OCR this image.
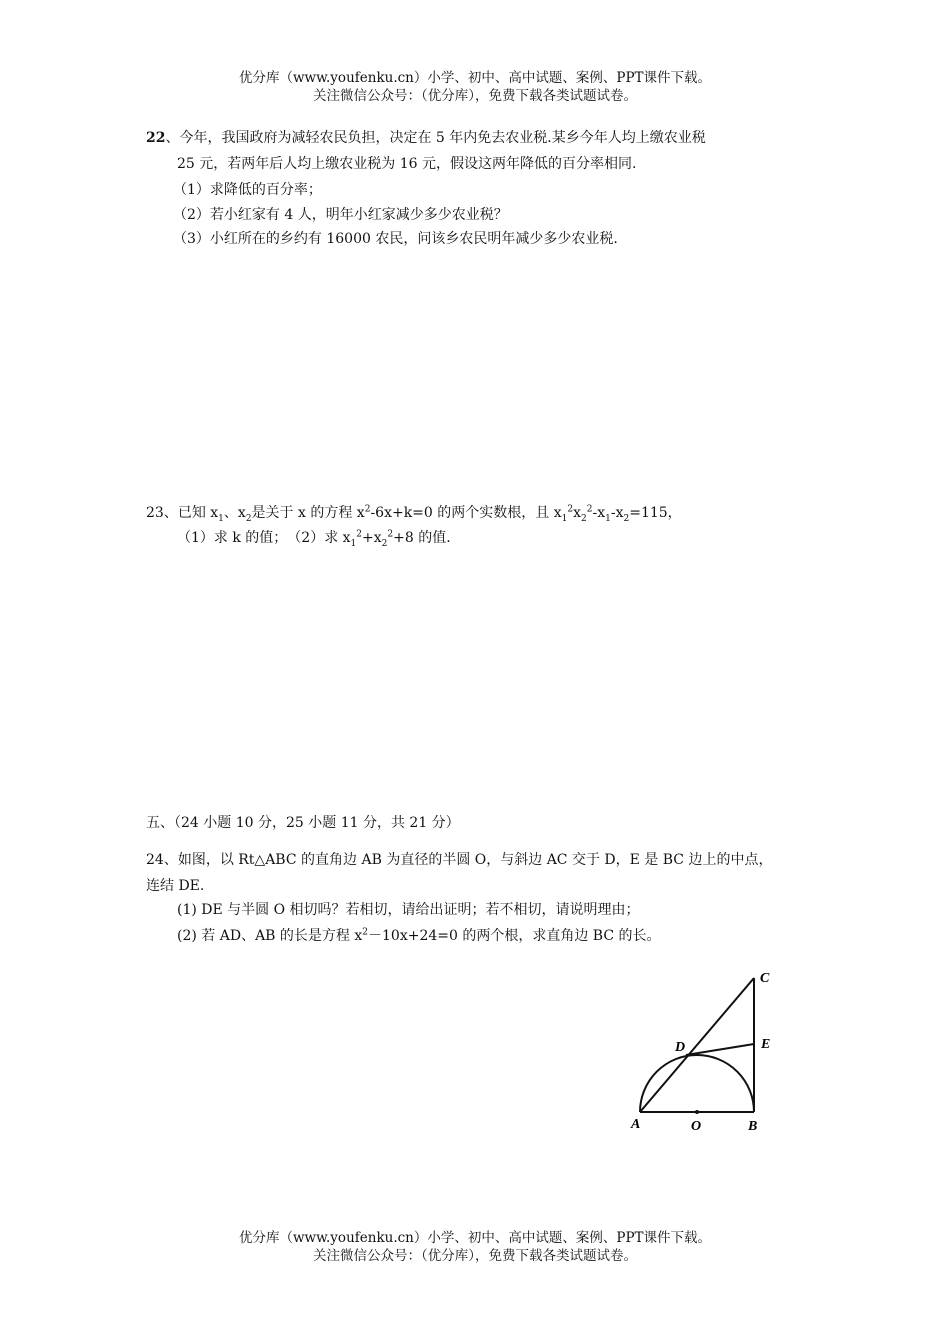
优分库（www.youfenku.cn）小学、初中、高中试题、案例、PPT课件下载。
关注微信公众号：（优分库），免费下载各类试题试卷。
22、今年，我国政府为减轻农民负担，决定在 5 年内免去农业税.某乡今年人均上缴农业税
25 元，若两年后人均上缴农业税为 16 元，假设这两年降低的百分率相同.
（1）求降低的百分率；
（2）若小红家有 4 人，明年小红家减少多少农业税？
（3）小红所在的乡约有 16000 农民，问该乡农民明年减少多少农业税.
23、已知 $x_1$、$x_2$是关于 x 的方程 $x^2-6x+k=0$ 的两个实数根，且 $x_1^2x_2^2-x_1-x_2=115$，
（1）求 k 的值；　（2）求 $x_1^2+x_2^2+8$ 的值.
五、（24 小题 10 分，25 小题 11 分，共 21 分）
24、如图，以 Rt△ABC 的直角边 AB 为直径的半圆 O，与斜边 AC 交于 D，E 是 BC 边上的中点，
连结 DE.
(1) DE 与半圆 O 相切吗？若相切，请给出证明；若不相切，请说明理由；
(2) 若 AD、AB 的长是方程 $x^2-10x+24=0$ 的两个根，求直角边 BC 的长。
A	O	B
C
D	E
优分库（www.youfenku.cn）小学、初中、高中试题、案例、PPT课件下载。
关注微信公众号：（优分库），免费下载各类试题试卷。
